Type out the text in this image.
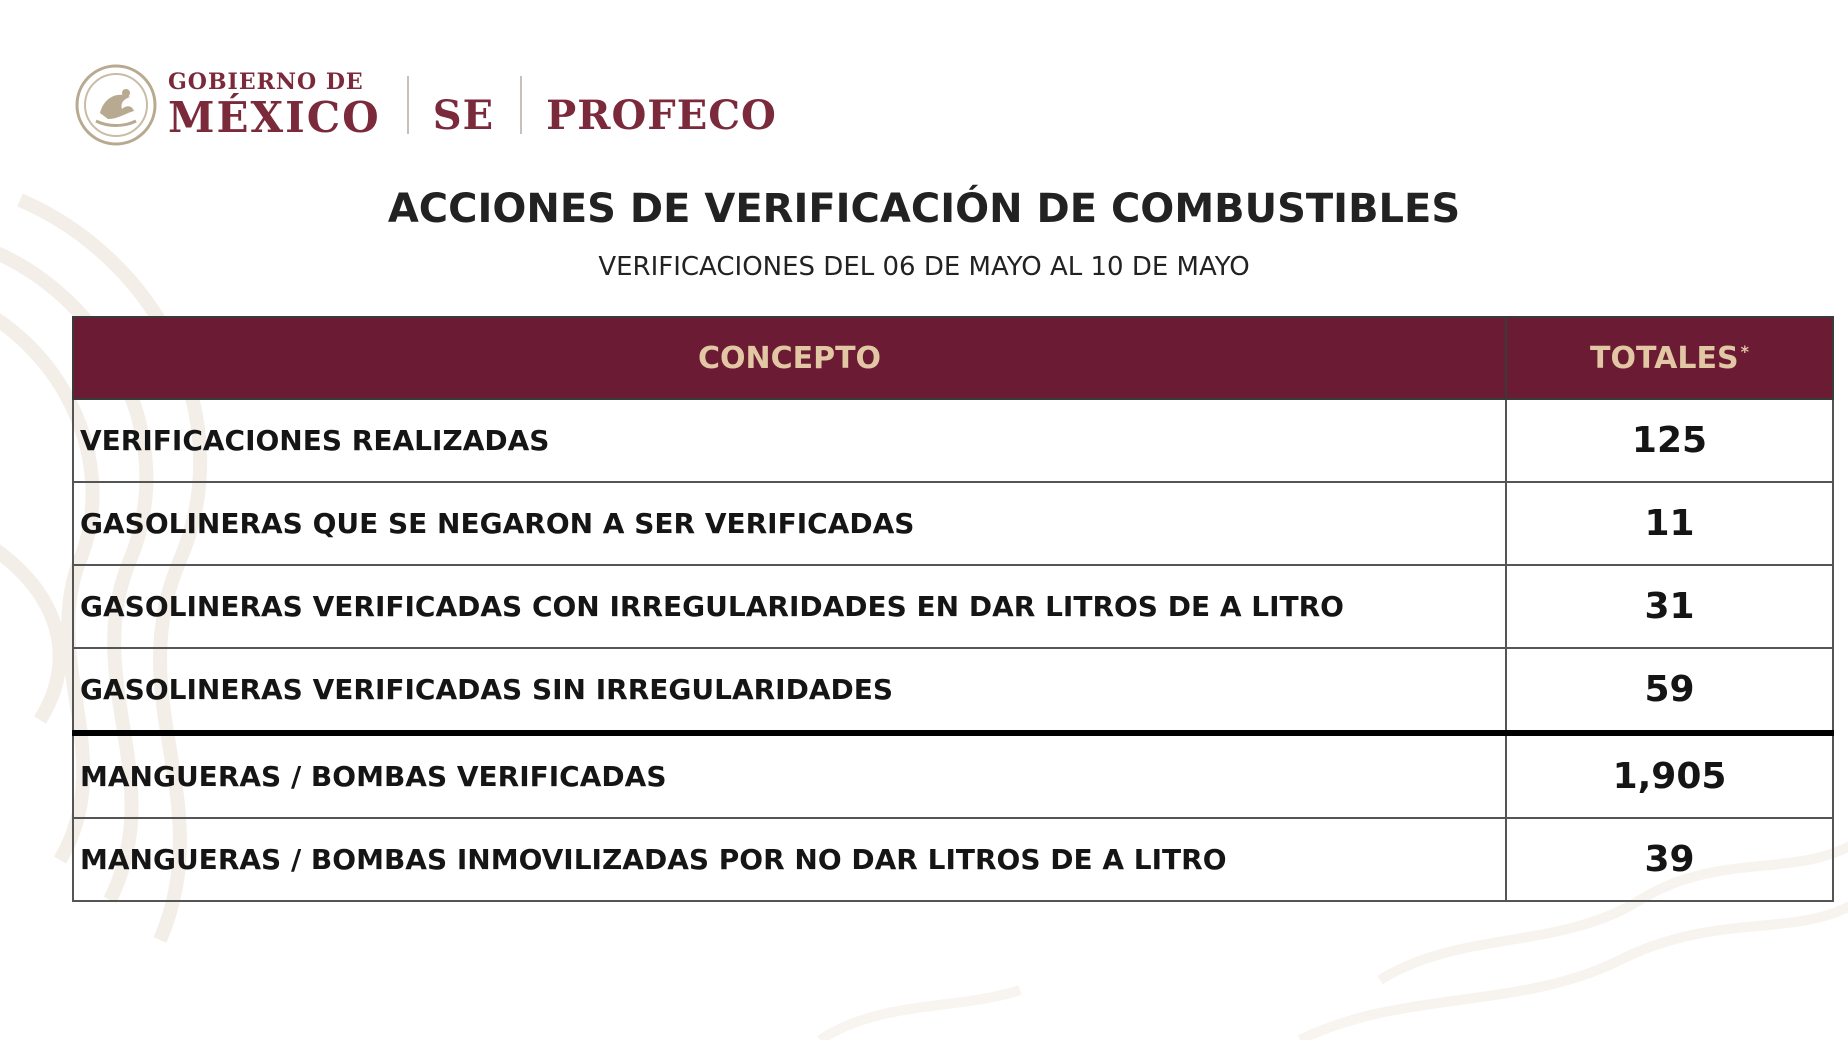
GOBIERNO DE
MÉXICO SE PROFECO
ACCIONES DE VERIFICACIÓN DE COMBUSTIBLES
VERIFICACIONES DEL 06 DE MAYO AL 10 DE MAYO
CONCEPTO	TOTALES *
VERIFICACIONES REALIZADAS	125
GASOLINERAS QUE SE NEGARON A SER VERIFICADAS	11
GASOLINERAS VERIFICADAS CON IRREGULARIDADES EN DAR LITROS DE A LITRO	31
GASOLINERAS VERIFICADAS SIN IRREGULARIDADES	59
MANGUERAS / BOMBAS VERIFICADAS	1,905
MANGUERAS / BOMBAS INMOVILIZADAS POR NO DAR LITROS DE A LITRO	39
